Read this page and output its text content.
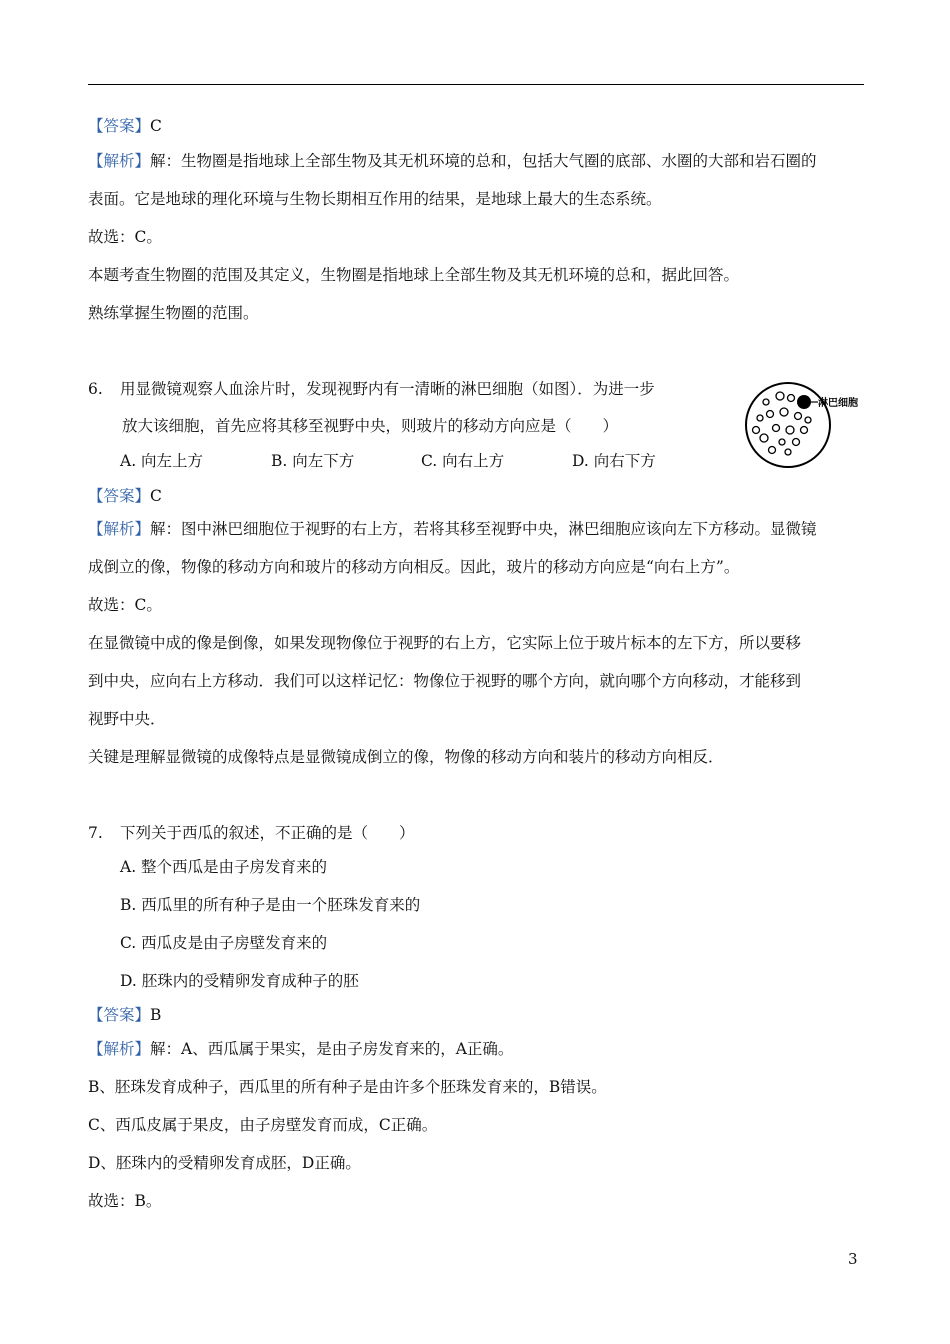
【答案】C
【解析】解：生物圈是指地球上全部生物及其无机环境的总和，包括大气圈的底部、水圈的大部和岩石圈的
表面。它是地球的理化环境与生物长期相互作用的结果，是地球上最大的生态系统。
故选：C。
本题考查生物圈的范围及其定义，生物圈是指地球上全部生物及其无机环境的总和，据此回答。
熟练掌握生物圈的范围。
6. 用显微镜观察人血涂片时，发现视野内有一清晰的淋巴细胞（如图）．为进一步
放大该细胞，首先应将其移至视野中央，则玻片的移动方向应是（　　）
A. 向左上方	B. 向左下方	C. 向右上方	D. 向右下方
淋巴细胞
【答案】C
【解析】解：图中淋巴细胞位于视野的右上方，若将其移至视野中央，淋巴细胞应该向左下方移动。显微镜
成倒立的像，物像的移动方向和玻片的移动方向相反。因此，玻片的移动方向应是“向右上方”。
故选：C。
在显微镜中成的像是倒像，如果发现物像位于视野的右上方，它实际上位于玻片标本的左下方，所以要移
到中央，应向右上方移动．我们可以这样记忆：物像位于视野的哪个方向，就向哪个方向移动，才能移到
视野中央．
关键是理解显微镜的成像特点是显微镜成倒立的像，物像的移动方向和装片的移动方向相反．
7. 下列关于西瓜的叙述，不正确的是（　　）
A. 整个西瓜是由子房发育来的
B. 西瓜里的所有种子是由一个胚珠发育来的
C. 西瓜皮是由子房壁发育来的
D. 胚珠内的受精卵发育成种子的胚
【答案】B
【解析】解：A、西瓜属于果实，是由子房发育来的，A正确。
B、胚珠发育成种子，西瓜里的所有种子是由许多个胚珠发育来的，B错误。
C、西瓜皮属于果皮，由子房壁发育而成，C正确。
D、胚珠内的受精卵发育成胚，D正确。
故选：B。
3
